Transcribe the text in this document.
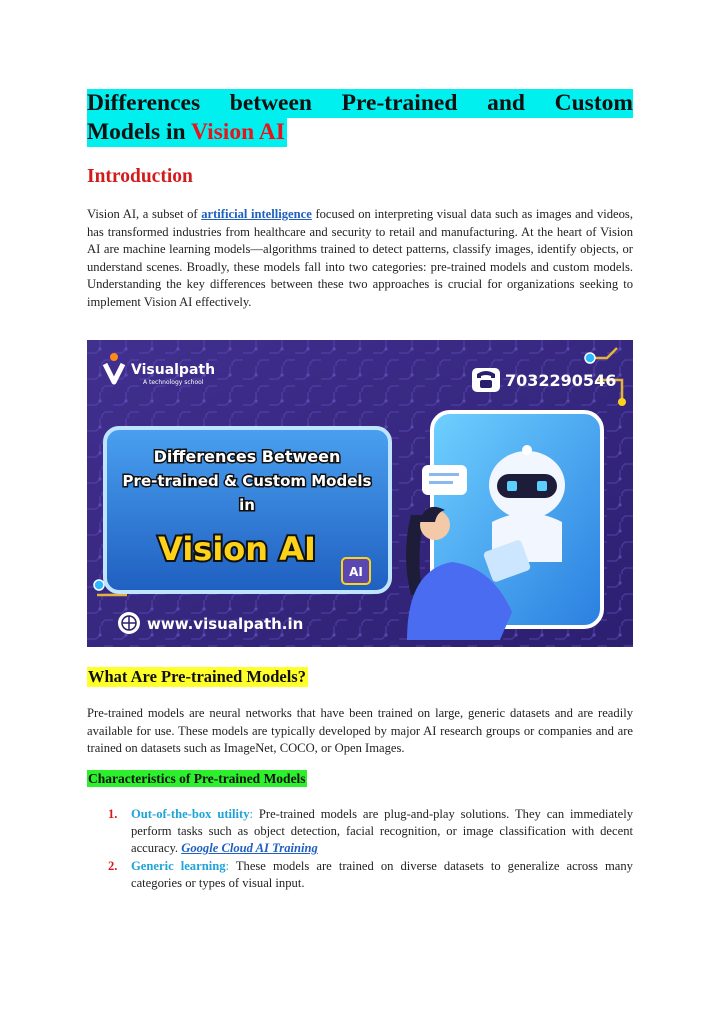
Differences between Pre-trained and Custom
Models in Vision AI
Introduction
Vision AI, a subset of artificial intelligence focused on interpreting visual data such as images and videos, has transformed industries from healthcare and security to retail and manufacturing. At the heart of Vision AI are machine learning models—algorithms trained to detect patterns, classify images, identify objects, or understand scenes. Broadly, these models fall into two categories: pre-trained models and custom models. Understanding the key differences between these two approaches is crucial for organizations seeking to implement Vision AI effectively.
Differences Between
Pre-trained & Custom Models
in
Vision AI
AI
Visualpath
A technology school	7032290546
www.visualpath.in
What Are Pre-trained Models?
Pre-trained models are neural networks that have been trained on large, generic datasets and are readily available for use. These models are typically developed by major AI research groups or companies and are trained on datasets such as ImageNet, COCO, or Open Images.
Characteristics of Pre-trained Models
1. Out-of-the-box utility: Pre-trained models are plug-and-play solutions. They can immediately perform tasks such as object detection, facial recognition, or image classification with decent accuracy. Google Cloud AI Training
2. Generic learning: These models are trained on diverse datasets to generalize across many categories or types of visual input.
